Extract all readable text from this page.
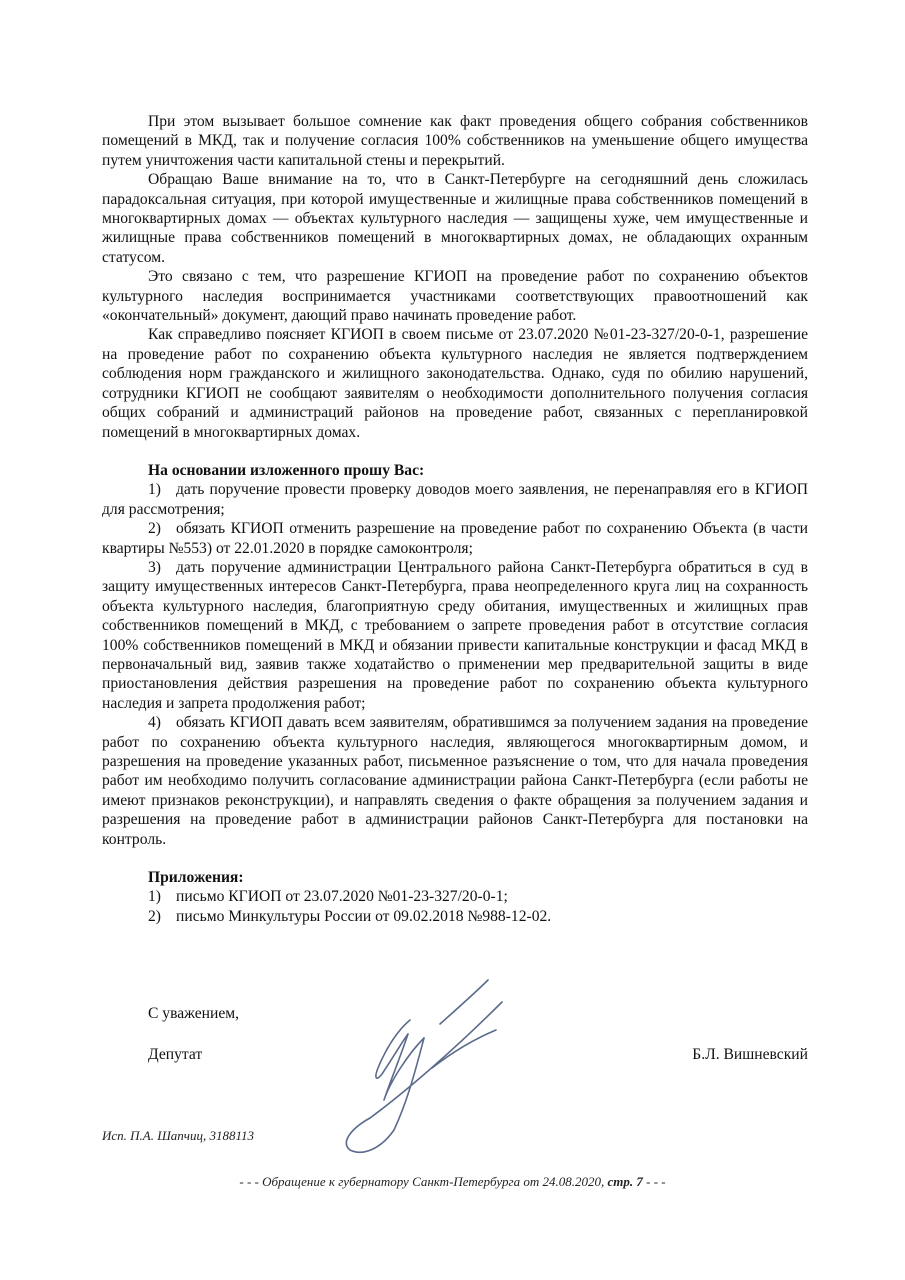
При этом вызывает большое сомнение как факт проведения общего собрания собственников помещений в МКД, так и получение согласия 100% собственников на уменьшение общего имущества путем уничтожения части капитальной стены и перекрытий.

Обращаю Ваше внимание на то, что в Санкт-Петербурге на сегодняшний день сложилась парадоксальная ситуация, при которой имущественные и жилищные права собственников помещений в многоквартирных домах — объектах культурного наследия — защищены хуже, чем имущественные и жилищные права собственников помещений в многоквартирных домах, не обладающих охранным статусом.

Это связано с тем, что разрешение КГИОП на проведение работ по сохранению объектов культурного наследия воспринимается участниками соответствующих правоотношений как «окончательный» документ, дающий право начинать проведение работ.

Как справедливо поясняет КГИОП в своем письме от 23.07.2020 №01-23-327/20-0-1, разрешение на проведение работ по сохранению объекта культурного наследия не является подтверждением соблюдения норм гражданского и жилищного законодательства. Однако, судя по обилию нарушений, сотрудники КГИОП не сообщают заявителям о необходимости дополнительного получения согласия общих собраний и администраций районов на проведение работ, связанных с перепланировкой помещений в многоквартирных домах.

На основании изложенного прошу Вас:

1) дать поручение провести проверку доводов моего заявления, не перенаправляя его в КГИОП для рассмотрения;

2) обязать КГИОП отменить разрешение на проведение работ по сохранению Объекта (в части квартиры №553) от 22.01.2020 в порядке самоконтроля;

3) дать поручение администрации Центрального района Санкт-Петербурга обратиться в суд в защиту имущественных интересов Санкт-Петербурга, права неопределенного круга лиц на сохранность объекта культурного наследия, благоприятную среду обитания, имущественных и жилищных прав собственников помещений в МКД, с требованием о запрете проведения работ в отсутствие согласия 100% собственников помещений в МКД и обязании привести капитальные конструкции и фасад МКД в первоначальный вид, заявив также ходатайство о применении мер предварительной защиты в виде приостановления действия разрешения на проведение работ по сохранению объекта культурного наследия и запрета продолжения работ;

4) обязать КГИОП давать всем заявителям, обратившимся за получением задания на проведение работ по сохранению объекта культурного наследия, являющегося многоквартирным домом, и разрешения на проведение указанных работ, письменное разъяснение о том, что для начала проведения работ им необходимо получить согласование администрации района Санкт-Петербурга (если работы не имеют признаков реконструкции), и направлять сведения о факте обращения за получением задания и разрешения на проведение работ в администрации районов Санкт-Петербурга для постановки на контроль.

Приложения:

1) письмо КГИОП от 23.07.2020 №01-23-327/20-0-1;

2) письмо Минкультуры России от 09.02.2018 №988-12-02.

С уважением,
Депутат	Б.Л. Вишневский
Исп. П.А. Шапчиц, 3188113
- - - Обращение к губернатору Санкт-Петербурга от 24.08.2020, стр. 7 - - -
